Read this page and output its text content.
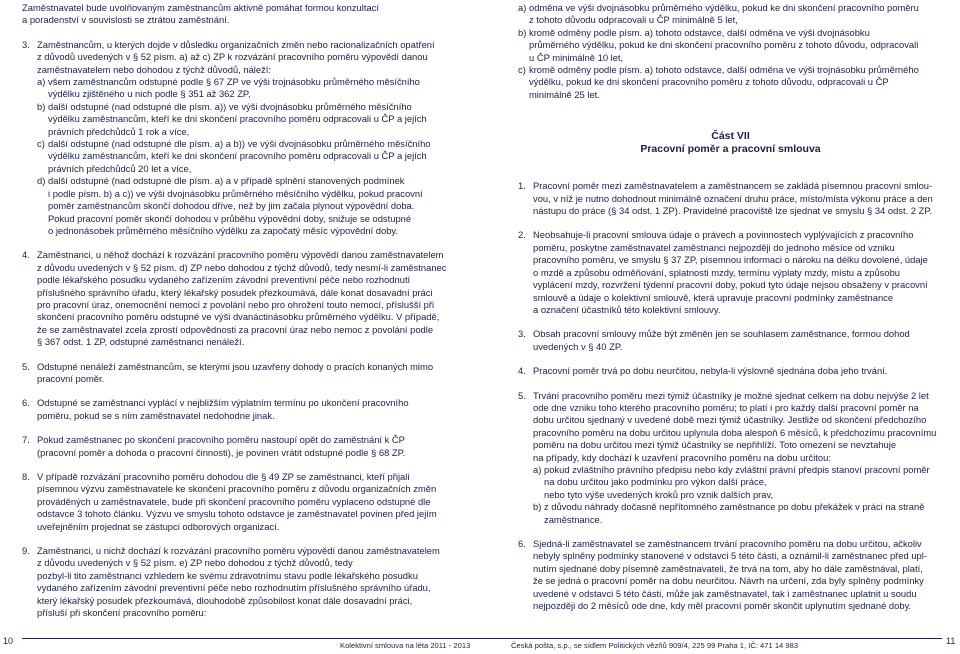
Zaměstnavatel bude uvolňovaným zaměstnancům aktivně pomáhat formou konzultací
a poradenství v souvislosti se ztrátou zaměstnání.

3. Zaměstnancům, u kterých dojde v důsledku organizačních změn nebo racionalizačních opatření
z důvodů uvedených v § 52 písm. a) až c) ZP k rozvázání pracovního poměru výpovědí danou
zaměstnavatelem nebo dohodou z týchž důvodů, náleží:
a) všem zaměstnancům odstupné podle § 67 ZP ve výši trojnásobku průměrného měsíčního
výdělku zjištěného u nich podle § 351 až 362 ZP,
b) další odstupné (nad odstupné dle písm. a)) ve výši dvojnásobku průměrného měsíčního
výdělku zaměstnancům, kteří ke dni skončení pracovního poměru odpracovali u ČP a jejích
právních předchůdců 1 rok a více,
c) další odstupné (nad odstupné dle písm. a) a b)) ve výši dvojnásobku průměrného měsíčního
výdělku zaměstnancům, kteří ke dni skončení pracovního poměru odpracovali u ČP a jejích
právních předchůdců 20 let a více,
d) další odstupné (nad odstupné dle písm. a) a v případě splnění stanovených podmínek
i podle písm. b) a c)) ve výši dvojnásobku průměrného měsíčního výdělku, pokud pracovní
poměr zaměstnancům skončí dohodou dříve, než by jim začala plynout výpovědní doba.
Pokud pracovní poměr skončí dohodou v průběhu výpovědní doby, snižuje se odstupné
o jednonásobek průměrného měsíčního výdělku za započatý měsíc výpovědní doby.
4. Zaměstnanci, u něhož dochází k rozvázání pracovního poměru výpovědí danou zaměstnavatelem
z důvodu uvedených v § 52 písm. d) ZP nebo dohodou z týchž důvodů, tedy nesmí-li zaměstnanec
podle lékařského posudku vydaného zařízením závodní preventivní péče nebo rozhodnutí
příslušného správního úřadu, který lékařský posudek přezkoumává, dále konat dosavadní práci
pro pracovní úraz, onemocnění nemocí z povolání nebo pro ohrožení touto nemocí, příslušší při
skončení pracovního poměru odstupné ve výši dvanáctinásobku průměrného výdělku. V případě,
že se zaměstnavatel zcela zprostí odpovědnosti za pracovní úraz nebo nemoc z povolání podle
§ 367 odst. 1 ZP, odstupné zaměstnanci nenáleží.
5. Odstupné nenáleží zaměstnancům, se kterými jsou uzavřeny dohody o pracích konaných mimo
pracovní poměr.
6. Odstupné se zaměstnanci vyplácí v nejbližším výplatním termínu po ukončení pracovního
poměru, pokud se s ním zaměstnavatel nedohodne jinak.
7. Pokud zaměstnanec po skončení pracovního poměru nastoupí opět do zaměstnání k ČP
(pracovní poměr a dohoda o pracovní činnosti), je povinen vrátit odstupné podle § 68 ZP.
8. V případě rozvázání pracovního poměru dohodou dle § 49 ZP se zaměstnanci, kteří přijali
písemnou výzvu zaměstnavatele ke skončení pracovního poměru z důvodu organizačních změn
prováděných u zaměstnavatele, bude při skončení pracovního poměru vyplaceno odstupné dle
odstavce 3 tohoto článku. Výzvu ve smyslu tohoto odstavce je zaměstnavatel povinen před jejím
uveřejněním projednat se zástupci odborových organizací.
9. Zaměstnanci, u nichž dochází k rozvázání pracovního poměru výpovědí danou zaměstnavatelem
z důvodu uvedených v § 52 písm. e) ZP nebo dohodou z týchž důvodů, tedy
pozbyl-li tito zaměstnanci vzhledem ke svému zdravotnímu stavu podle lékařského posudku
vydaného zařízením závodní preventivní péče nebo rozhodnutím příslušného správního úřadu,
který lékařský posudek přezkoumává, dlouhodobě způsobilost konat dále dosavadní práci,
přísluší při skončení pracovního poměru:
a) odměna ve výši dvojnásobku průměrného výdělku, pokud ke dni skončení pracovního poměru
z tohoto důvodu odpracovali u ČP minimálně 5 let,
b) kromě odměny podle písm. a) tohoto odstavce, další odměna ve výši dvojnásobku
průměrného výdělku, pokud ke dni skončení pracovního poměru z tohoto důvodu, odpracovali
u ČP minimálně 10 let,
c) kromě odměny podle písm. a) tohoto odstavce, další odměna ve výši trojnásobku průměrného
výdělku, pokud ke dni skončení pracovního poměru z tohoto důvodu, odpracovali u ČP
minimálně 25 let.

Část VII

Pracovní poměr a pracovní smlouva

1. Pracovní poměr mezi zaměstnavatelem a zaměstnancem se zakládá písemnou pracovní smlou-
vou, v níž je nutno dohodnout minimálně označení druhu práce, místo/místa výkonu práce a den
nástupu do práce (§ 34 odst. 1 ZP). Pravidelné pracoviště lze sjednat ve smyslu § 34 odst. 2 ZP.
2. Neobsahuje-li pracovní smlouva údaje o právech a povinnostech vyplývajících z pracovního
poměru, poskytne zaměstnavatel zaměstnanci nejpozději do jednoho měsíce od vzniku
pracovního poměru, ve smyslu § 37 ZP, písemnou informaci o nároku na délku dovolené, údaje
o mzdě a způsobu odměňování, splatnosti mzdy, termínu výplaty mzdy, místu a způsobu
vyplácení mzdy, rozvržení týdenní pracovní doby, pokud tyto údaje nejsou obsaženy v pracovní
smlouvě a údaje o kolektivní smlouvě, která upravuje pracovní podmínky zaměstnance
a označení účastníků této kolektivní smlouvy.
3. Obsah pracovní smlouvy může být změněn jen se souhlasem zaměstnance, formou dohod
uvedených v § 40 ZP.
4. Pracovní poměr trvá po dobu neurčitou, nebyla-li výslovně sjednána doba jeho trvání.
5. Trvání pracovního poměru mezi týmiž účastníky je možné sjednat celkem na dobu nejvýše 2 let
ode dne vzniku toho kterého pracovního poměru; to platí i pro každý další pracovní poměr na
dobu určitou sjednaný v uvedené době mezi týmiž účastníky. Jestliže od skončení předchozího
pracovního poměru na dobu určitou uplynula doba alespoň 6 měsíců, k předchozímu pracovnímu
poměru na dobu určitou mezi týmiž účastníky se nepřihlíží. Toto omezení se nevztahuje
na případy, kdy dochází k uzavření pracovního poměru na dobu určitou:
a) pokud zvláštního právního předpisu nebo kdy zvláštní právní předpis stanoví pracovní poměr
na dobu určitou jako podmínku pro výkon další práce,
nebo tyto výše uvedených kroků pro vznik dalších prav,
b) z důvodu náhrady dočasně nepřítomného zaměstnance po dobu překážek v práci na straně
zaměstnance.
6. Sjedná-li zaměstnavatel se zaměstnancem trvání pracovního poměru na dobu určitou, ačkoliv
nebyly splněny podmínky stanovené v odstavci 5 této části, a oznámil-li zaměstnanec před upl-
nutím sjednané doby písemně zaměstnavateli, že trvá na tom, aby ho dále zaměstnával, platí,
že se jedná o pracovní poměr na dobu neurčitou. Návrh na určení, zda byly splněny podmínky
uvedené v odstavci 5 této části, může jak zaměstnavatel, tak i zaměstnanec uplatnit u soudu
nejpozději do 2 měsíců ode dne, kdy měl pracovní poměr skončit uplynutím sjednané doby.
10	Kolektivní smlouva na léta 2011 - 2013	Česká pošta, s.p., se sídlem Politických vězňů 909/4, 225 99 Praha 1, IČ: 471 14 983	11
